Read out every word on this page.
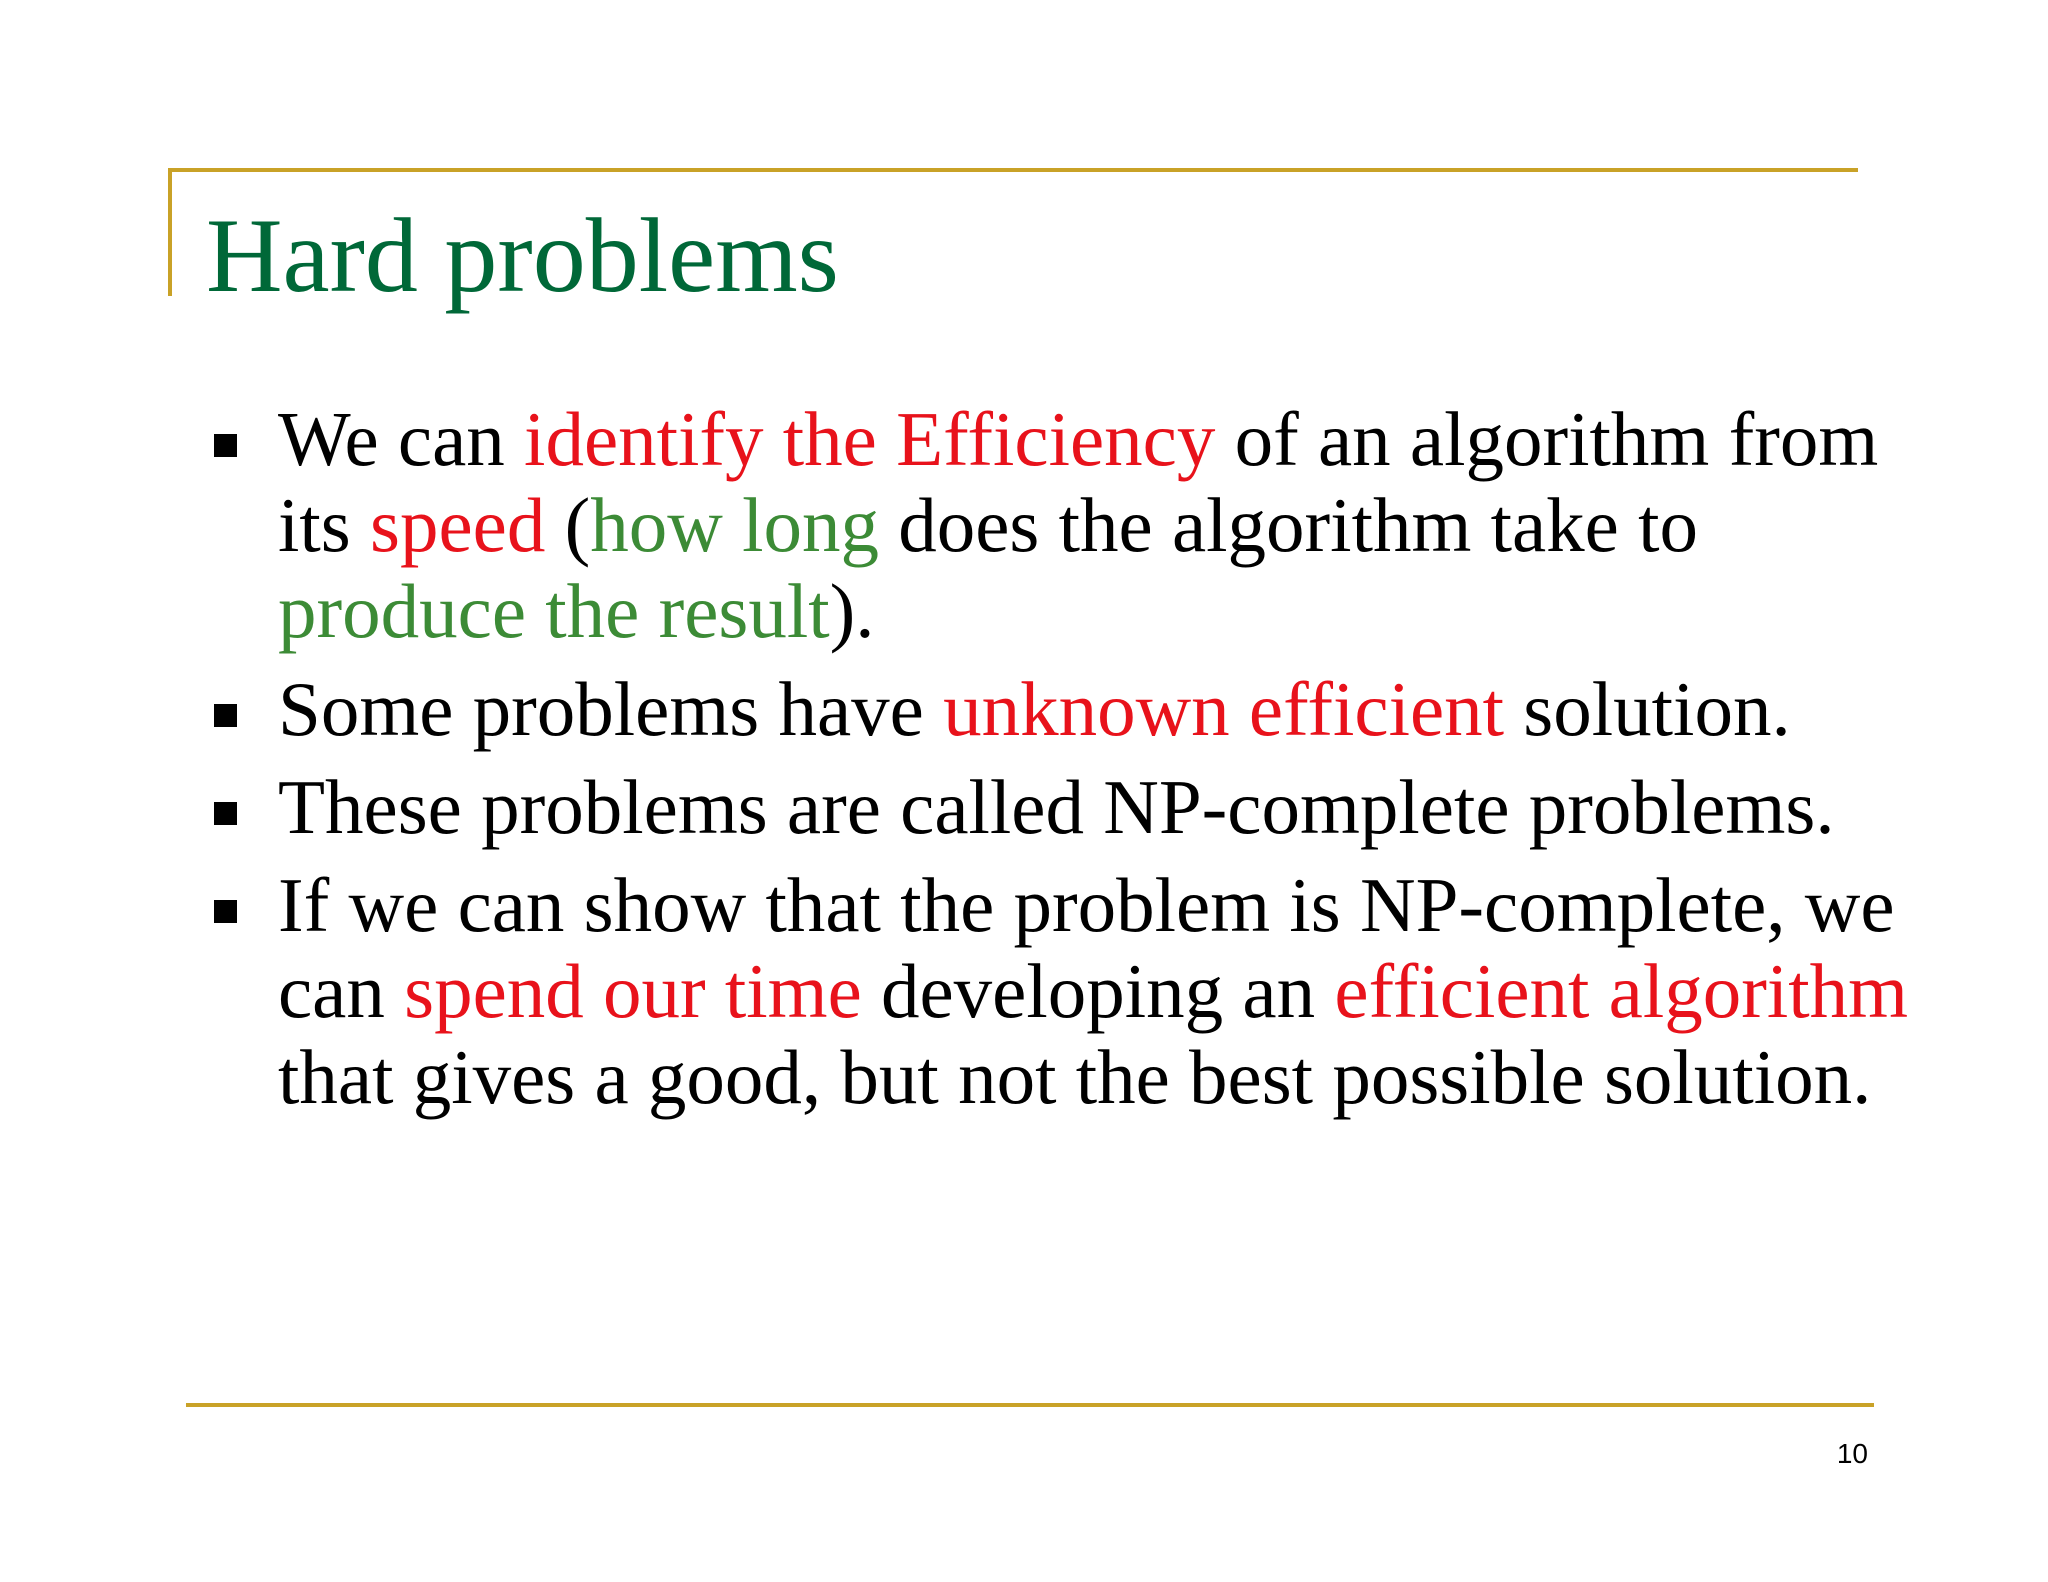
Hard problems
We can identify the Efficiency of an algorithm from its speed (how long does the algorithm take to produce the result).
Some problems have unknown efficient solution.
These problems are called NP-complete problems.
If we can show that the problem is NP-complete, we can spend our time developing an efficient algorithm that gives a good, but not the best possible solution.
10
